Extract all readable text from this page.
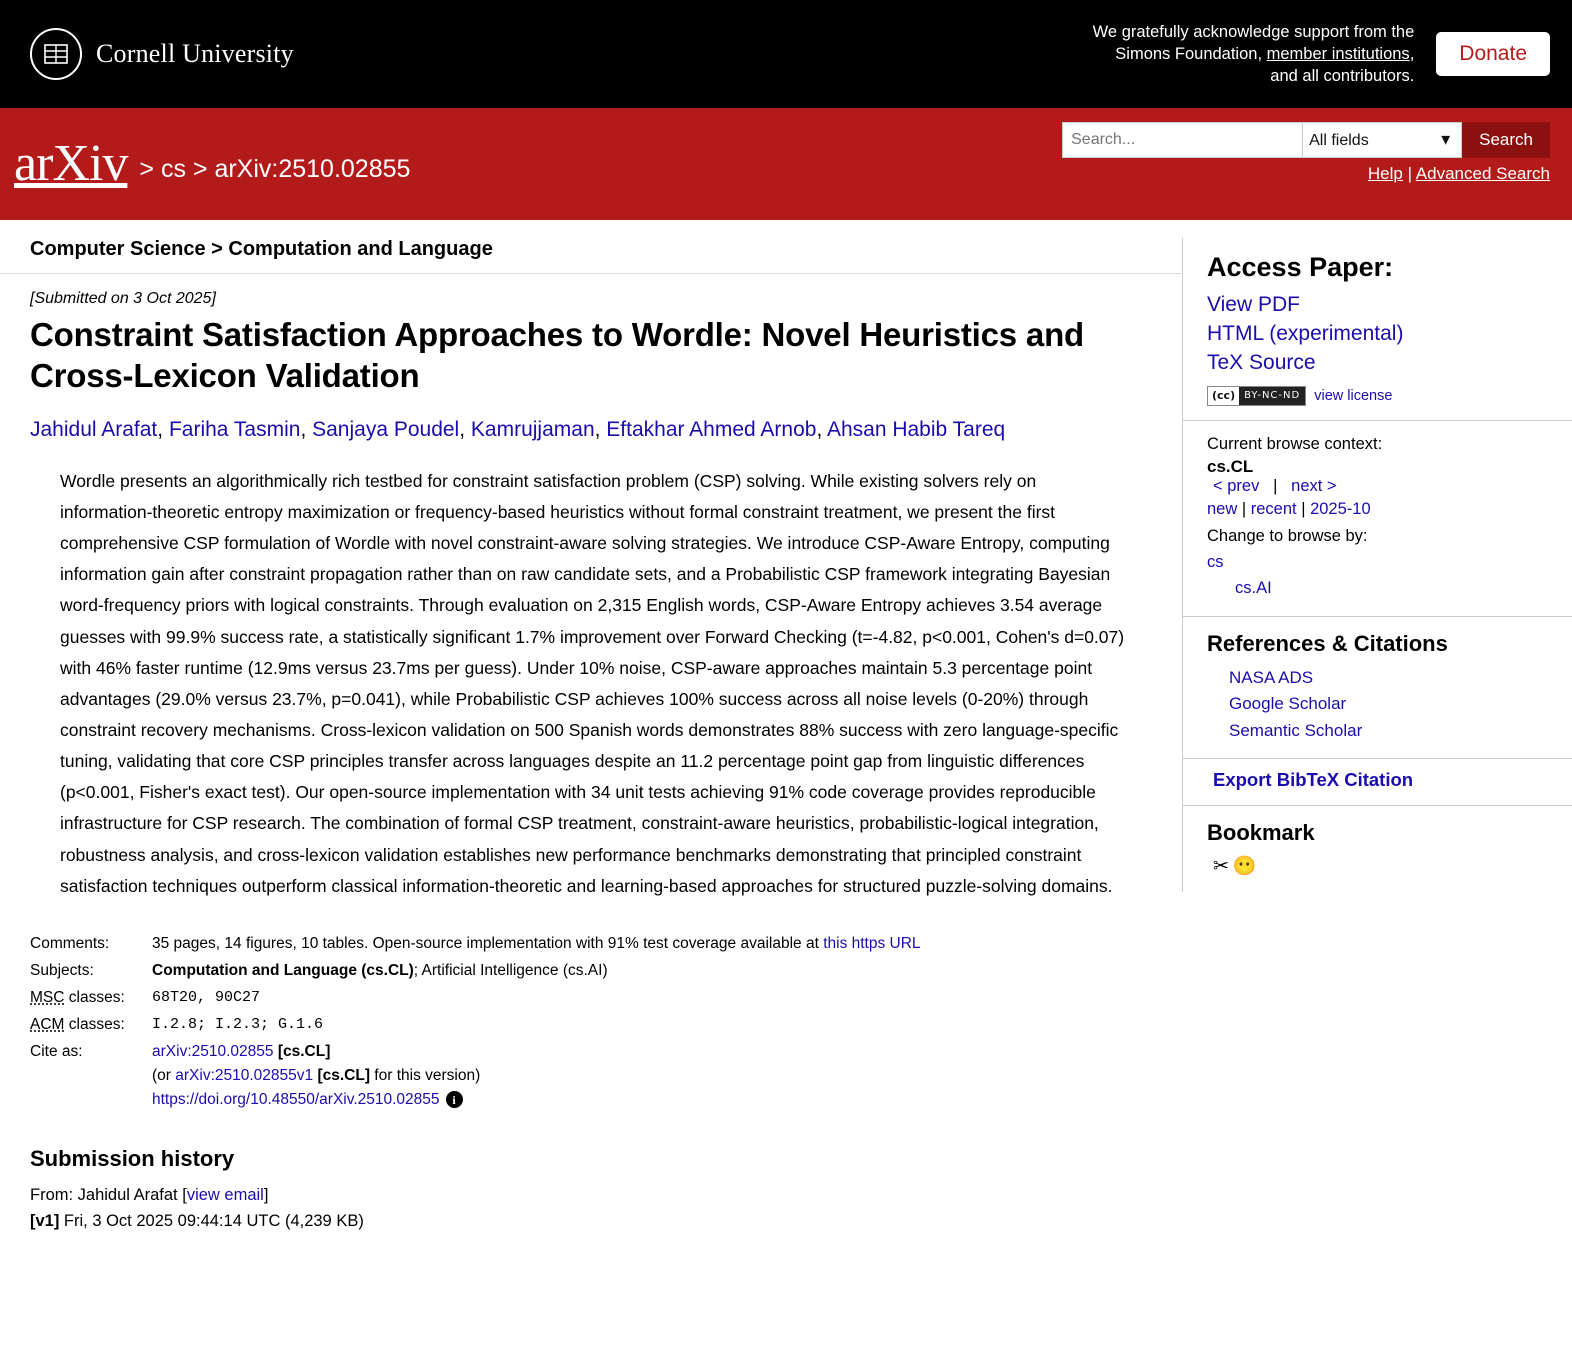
Cornell University
We gratefully acknowledge support from the
Simons Foundation, member institutions,
and all contributors.
Donate
arXiv > cs > arXiv:2510.02855
Search...
All fields
▼	Search
Help | Advanced Search
Computer Science > Computation and Language
[Submitted on 3 Oct 2025]
Constraint Satisfaction Approaches to Wordle: Novel Heuristics and Cross-Lexicon Validation
Jahidul Arafat, Fariha Tasmin, Sanjaya Poudel, Kamrujjaman, Eftakhar Ahmed Arnob, Ahsan Habib Tareq
Wordle presents an algorithmically rich testbed for constraint satisfaction problem (CSP) solving. While existing solvers rely on information-theoretic entropy maximization or frequency-based heuristics without formal constraint treatment, we present the first comprehensive CSP formulation of Wordle with novel constraint-aware solving strategies. We introduce CSP-Aware Entropy, computing information gain after constraint propagation rather than on raw candidate sets, and a Probabilistic CSP framework integrating Bayesian word-frequency priors with logical constraints. Through evaluation on 2,315 English words, CSP-Aware Entropy achieves 3.54 average guesses with 99.9% success rate, a statistically significant 1.7% improvement over Forward Checking (t=-4.82, p<0.001, Cohen's d=0.07) with 46% faster runtime (12.9ms versus 23.7ms per guess). Under 10% noise, CSP-aware approaches maintain 5.3 percentage point advantages (29.0% versus 23.7%, p=0.041), while Probabilistic CSP achieves 100% success across all noise levels (0-20%) through constraint recovery mechanisms. Cross-lexicon validation on 500 Spanish words demonstrates 88% success with zero language-specific tuning, validating that core CSP principles transfer across languages despite an 11.2 percentage point gap from linguistic differences (p<0.001, Fisher's exact test). Our open-source implementation with 34 unit tests achieving 91% code coverage provides reproducible infrastructure for CSP research. The combination of formal CSP treatment, constraint-aware heuristics, probabilistic-logical integration, robustness analysis, and cross-lexicon validation establishes new performance benchmarks demonstrating that principled constraint satisfaction techniques outperform classical information-theoretic and learning-based approaches for structured puzzle-solving domains.
Comments:	35 pages, 14 figures, 10 tables. Open-source implementation with 91% test coverage available at this https URL
Subjects:	Computation and Language (cs.CL); Artificial Intelligence (cs.AI)
MSC classes:	68T20, 90C27
ACM classes:	I.2.8; I.2.3; G.1.6
Cite as:	arXiv:2510.02855 [cs.CL]
(or arXiv:2510.02855v1 [cs.CL] for this version)
https://doi.org/10.48550/arXiv.2510.02855 i
Submission history
From: Jahidul Arafat [view email]
[v1] Fri, 3 Oct 2025 09:44:14 UTC (4,239 KB)
Access Paper:
View PDF
HTML (experimental)
TeX Source
(cc) BY-NC-ND view license
Current browse context:
cs.CL
< prev | next >
new | recent | 2025-10
Change to browse by:
cs
cs.AI
References & Citations
NASA ADS
Google Scholar
Semantic Scholar
Export BibTeX Citation
Bookmark
✂😶
